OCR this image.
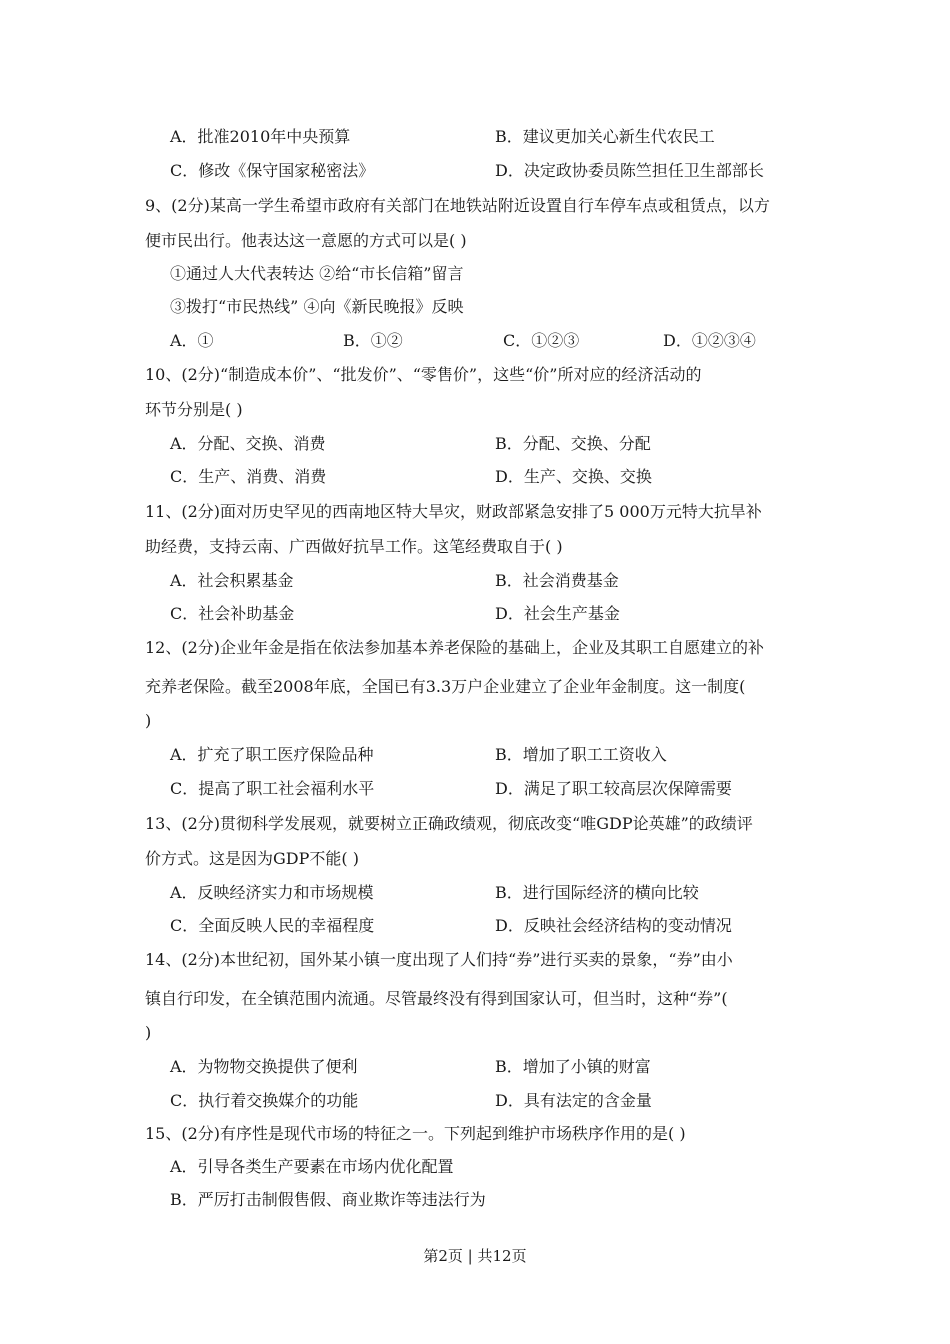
A．批准2010年中央预算	B．建议更加关心新生代农民工
C．修改《保守国家秘密法》	D．决定政协委员陈竺担任卫生部部长
9、(2分)某高一学生希望市政府有关部门在地铁站附近设置自行车停车点或租赁点，以方
便市民出行。他表达这一意愿的方式可以是( )
①通过人大代表转达 ②给“市长信箱”留言
③拨打“市民热线” ④向《新民晚报》反映
A．①	B．①②	C．①②③	D．①②③④
10、(2分)“制造成本价”、“批发价”、“零售价”，这些“价”所对应的经济活动的
环节分别是( )
A．分配、交换、消费	B．分配、交换、分配
C．生产、消费、消费	D．生产、交换、交换
11、(2分)面对历史罕见的西南地区特大旱灾，财政部紧急安排了5 000万元特大抗旱补
助经费，支持云南、广西做好抗旱工作。这笔经费取自于( )
A．社会积累基金	B．社会消费基金
C．社会补助基金	D．社会生产基金
12、(2分)企业年金是指在依法参加基本养老保险的基础上，企业及其职工自愿建立的补
充养老保险。截至2008年底，全国已有3.3万户企业建立了企业年金制度。这一制度(
)
A．扩充了职工医疗保险品种	B．增加了职工工资收入
C．提高了职工社会福利水平	D．满足了职工较高层次保障需要
13、(2分)贯彻科学发展观，就要树立正确政绩观，彻底改变“唯GDP论英雄”的政绩评
价方式。这是因为GDP不能( )
A．反映经济实力和市场规模	B．进行国际经济的横向比较
C．全面反映人民的幸福程度	D．反映社会经济结构的变动情况
14、(2分)本世纪初，国外某小镇一度出现了人们持“券”进行买卖的景象，“券”由小
镇自行印发，在全镇范围内流通。尽管最终没有得到国家认可，但当时，这种“券”(
)
A．为物物交换提供了便利	B．增加了小镇的财富
C．执行着交换媒介的功能	D．具有法定的含金量
15、(2分)有序性是现代市场的特征之一。下列起到维护市场秩序作用的是( )
A．引导各类生产要素在市场内优化配置
B．严厉打击制假售假、商业欺诈等违法行为
第2页 | 共12页
